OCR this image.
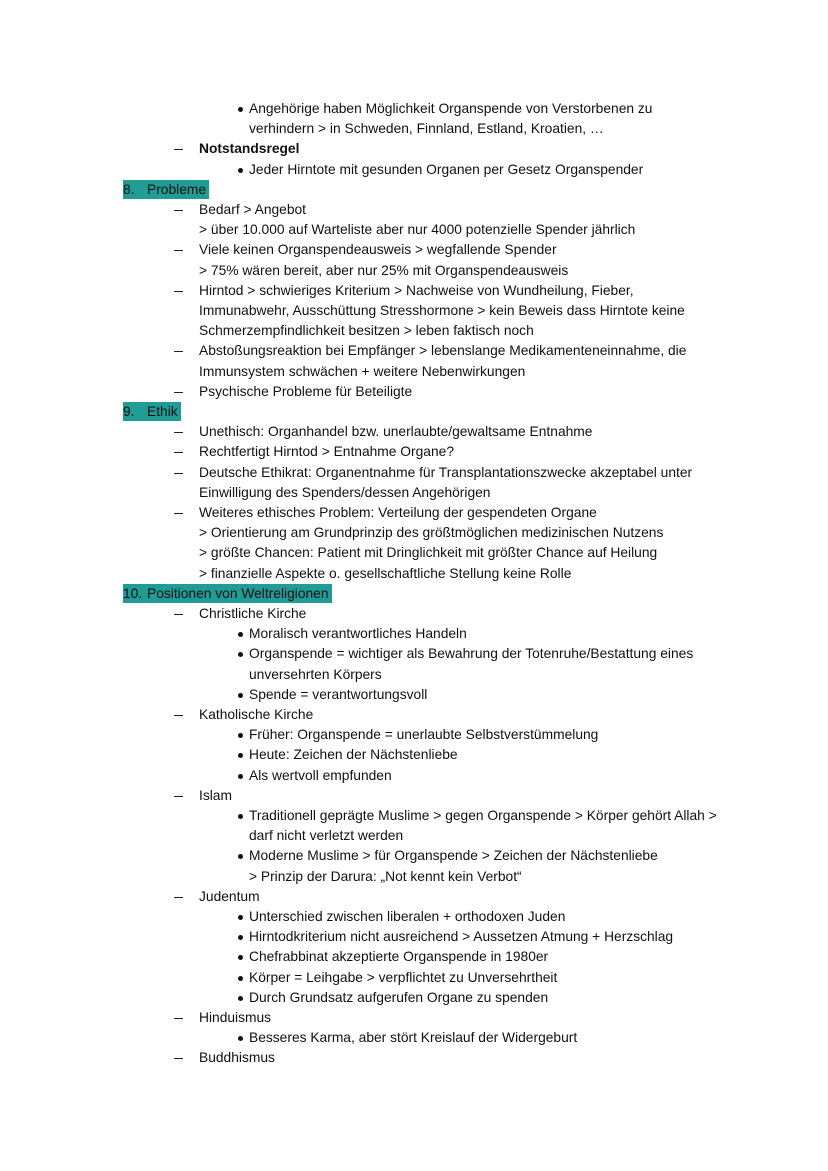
Angehörige haben Möglichkeit Organspende von Verstorbenen zu
verhindern > in Schweden, Finnland, Estland, Kroatien, …
Notstandsregel
Jeder Hirntote mit gesunden Organen per Gesetz Organspender
8. Probleme
Bedarf > Angebot
> über 10.000 auf Warteliste aber nur 4000 potenzielle Spender jährlich
Viele keinen Organspendeausweis > wegfallende Spender
> 75% wären bereit, aber nur 25% mit Organspendeausweis
Hirntod > schwieriges Kriterium > Nachweise von Wundheilung, Fieber,
Immunabwehr, Ausschüttung Stresshormone > kein Beweis dass Hirntote keine
Schmerzempfindlichkeit besitzen > leben faktisch noch
Abstoßungsreaktion bei Empfänger > lebenslange Medikamenteneinnahme, die
Immunsystem schwächen + weitere Nebenwirkungen
Psychische Probleme für Beteiligte
9. Ethik
Unethisch: Organhandel bzw. unerlaubte/gewaltsame Entnahme
Rechtfertigt Hirntod > Entnahme Organe?
Deutsche Ethikrat: Organentnahme für Transplantationszwecke akzeptabel unter
Einwilligung des Spenders/dessen Angehörigen
Weiteres ethisches Problem: Verteilung der gespendeten Organe
> Orientierung am Grundprinzip des größtmöglichen medizinischen Nutzens
> größte Chancen: Patient mit Dringlichkeit mit größter Chance auf Heilung
> finanzielle Aspekte o. gesellschaftliche Stellung keine Rolle
10. Positionen von Weltreligionen
Christliche Kirche
Moralisch verantwortliches Handeln
Organspende = wichtiger als Bewahrung der Totenruhe/Bestattung eines
unversehrten Körpers
Spende = verantwortungsvoll
Katholische Kirche
Früher: Organspende = unerlaubte Selbstverstümmelung
Heute: Zeichen der Nächstenliebe
Als wertvoll empfunden
Islam
Traditionell geprägte Muslime > gegen Organspende > Körper gehört Allah >
darf nicht verletzt werden
Moderne Muslime > für Organspende > Zeichen der Nächstenliebe
> Prinzip der Darura: „Not kennt kein Verbot“
Judentum
Unterschied zwischen liberalen + orthodoxen Juden
Hirntodkriterium nicht ausreichend > Aussetzen Atmung + Herzschlag
Chefrabbinat akzeptierte Organspende in 1980er
Körper = Leihgabe > verpflichtet zu Unversehrtheit
Durch Grundsatz aufgerufen Organe zu spenden
Hinduismus
Besseres Karma, aber stört Kreislauf der Widergeburt
Buddhismus
